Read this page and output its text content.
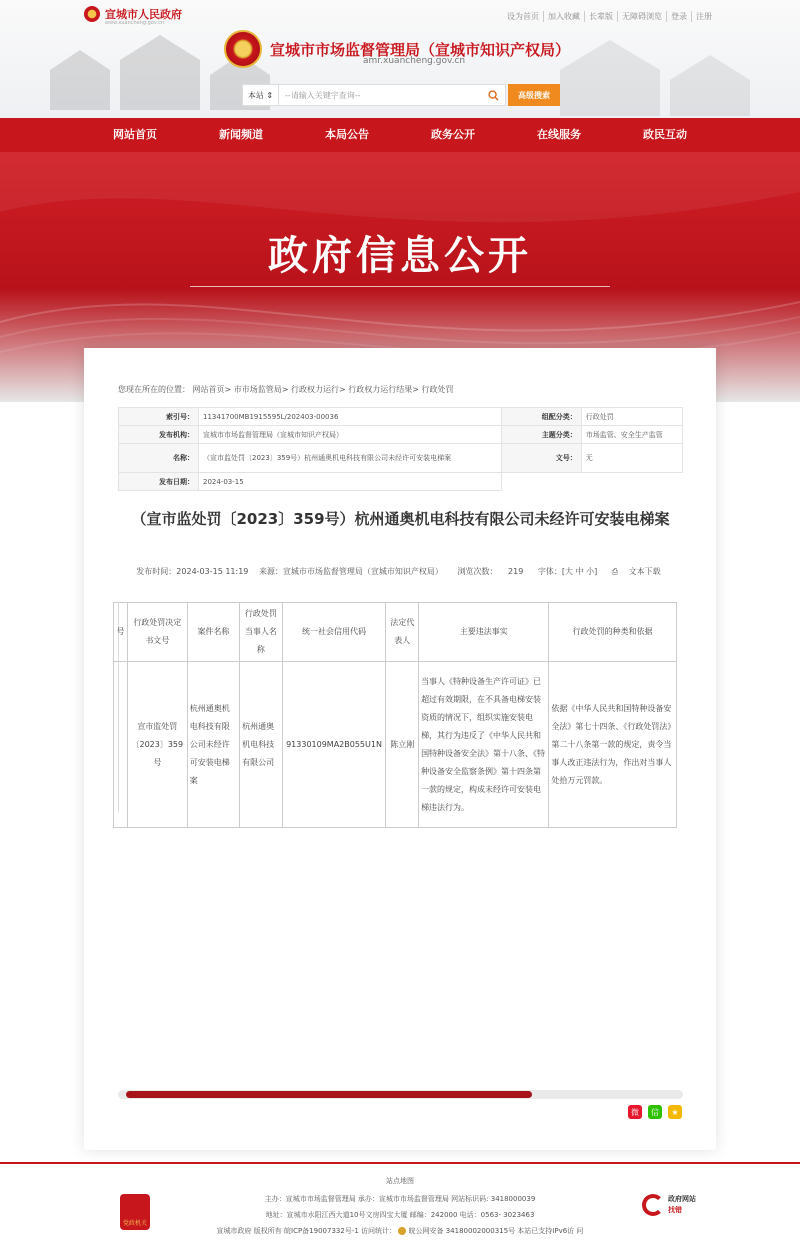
宣城市人民政府
www.xuancheng.gov.cn
设为首页	加入收藏	长辈版	无障碍浏览	登录	注册
宣城市市场监督管理局（宣城市知识产权局）
amr.xuancheng.gov.cn
本站 ⇕	--请输入关键字查询--	高级搜索
网站首页	新闻频道	本局公告	政务公开	在线服务	政民互动
政府信息公开
您现在所在的位置： 网站首页> 市市场监管局> 行政权力运行> 行政权力运行结果> 行政处罚
索引号：	11341700MB1915595L/202403-00036	组配分类：	行政处罚
发布机构：	宣城市市场监督管理局（宣城市知识产权局）	主题分类：	市场监管、安全生产监管
名称：	（宣市监处罚〔2023〕359号）杭州通奥机电科技有限公司未经许可安装电梯案	文号：	无
发布日期：	2024-03-15		
（宣市监处罚〔2023〕359号）杭州通奥机电科技有限公司未经许可安装电梯案
发布时间：2024-03-15 11:19 来源：宣城市市场监督管理局（宣城市知识产权局） 浏览次数： 219 字体：[大 中 小] ⎙ 文本下载
号	行政处罚决定书文号	案件名称	行政处罚当事人名称	统一社会信用代码	法定代表人	主要违法事实	行政处罚的种类和依据
	宣市监处罚〔2023〕359号	杭州通奥机电科技有限公司未经许可安装电梯案	杭州通奥机电科技有限公司	91330109MA2B055U1N	陈立刚	当事人《特种设备生产许可证》已超过有效期限，在不具备电梯安装资质的情况下，组织实施安装电梯，其行为违反了《中华人民共和国特种设备安全法》第十八条、《特种设备安全监察条例》第十四条第一款的规定，构成未经许可安装电梯违法行为。	依据《中华人民共和国特种设备安全法》第七十四条、《行政处罚法》第二十八条第一款的规定，责令当事人改正违法行为，作出对当事人处拾万元罚款。
微	信	★
站点地图
主办：宣城市市场监督管理局 承办：宣城市市场监督管理局 网站标识码: 3418000039
地址：宣城市水阳江西大道10号文房四宝大厦 邮编：242000 电话：0563- 3023463
宣城市政府 版权所有 皖ICP备19007332号-1 访问统计： 皖公网安备 34180002000315号 本站已支持IPv6访 问
党政机关
政府网站
找错
